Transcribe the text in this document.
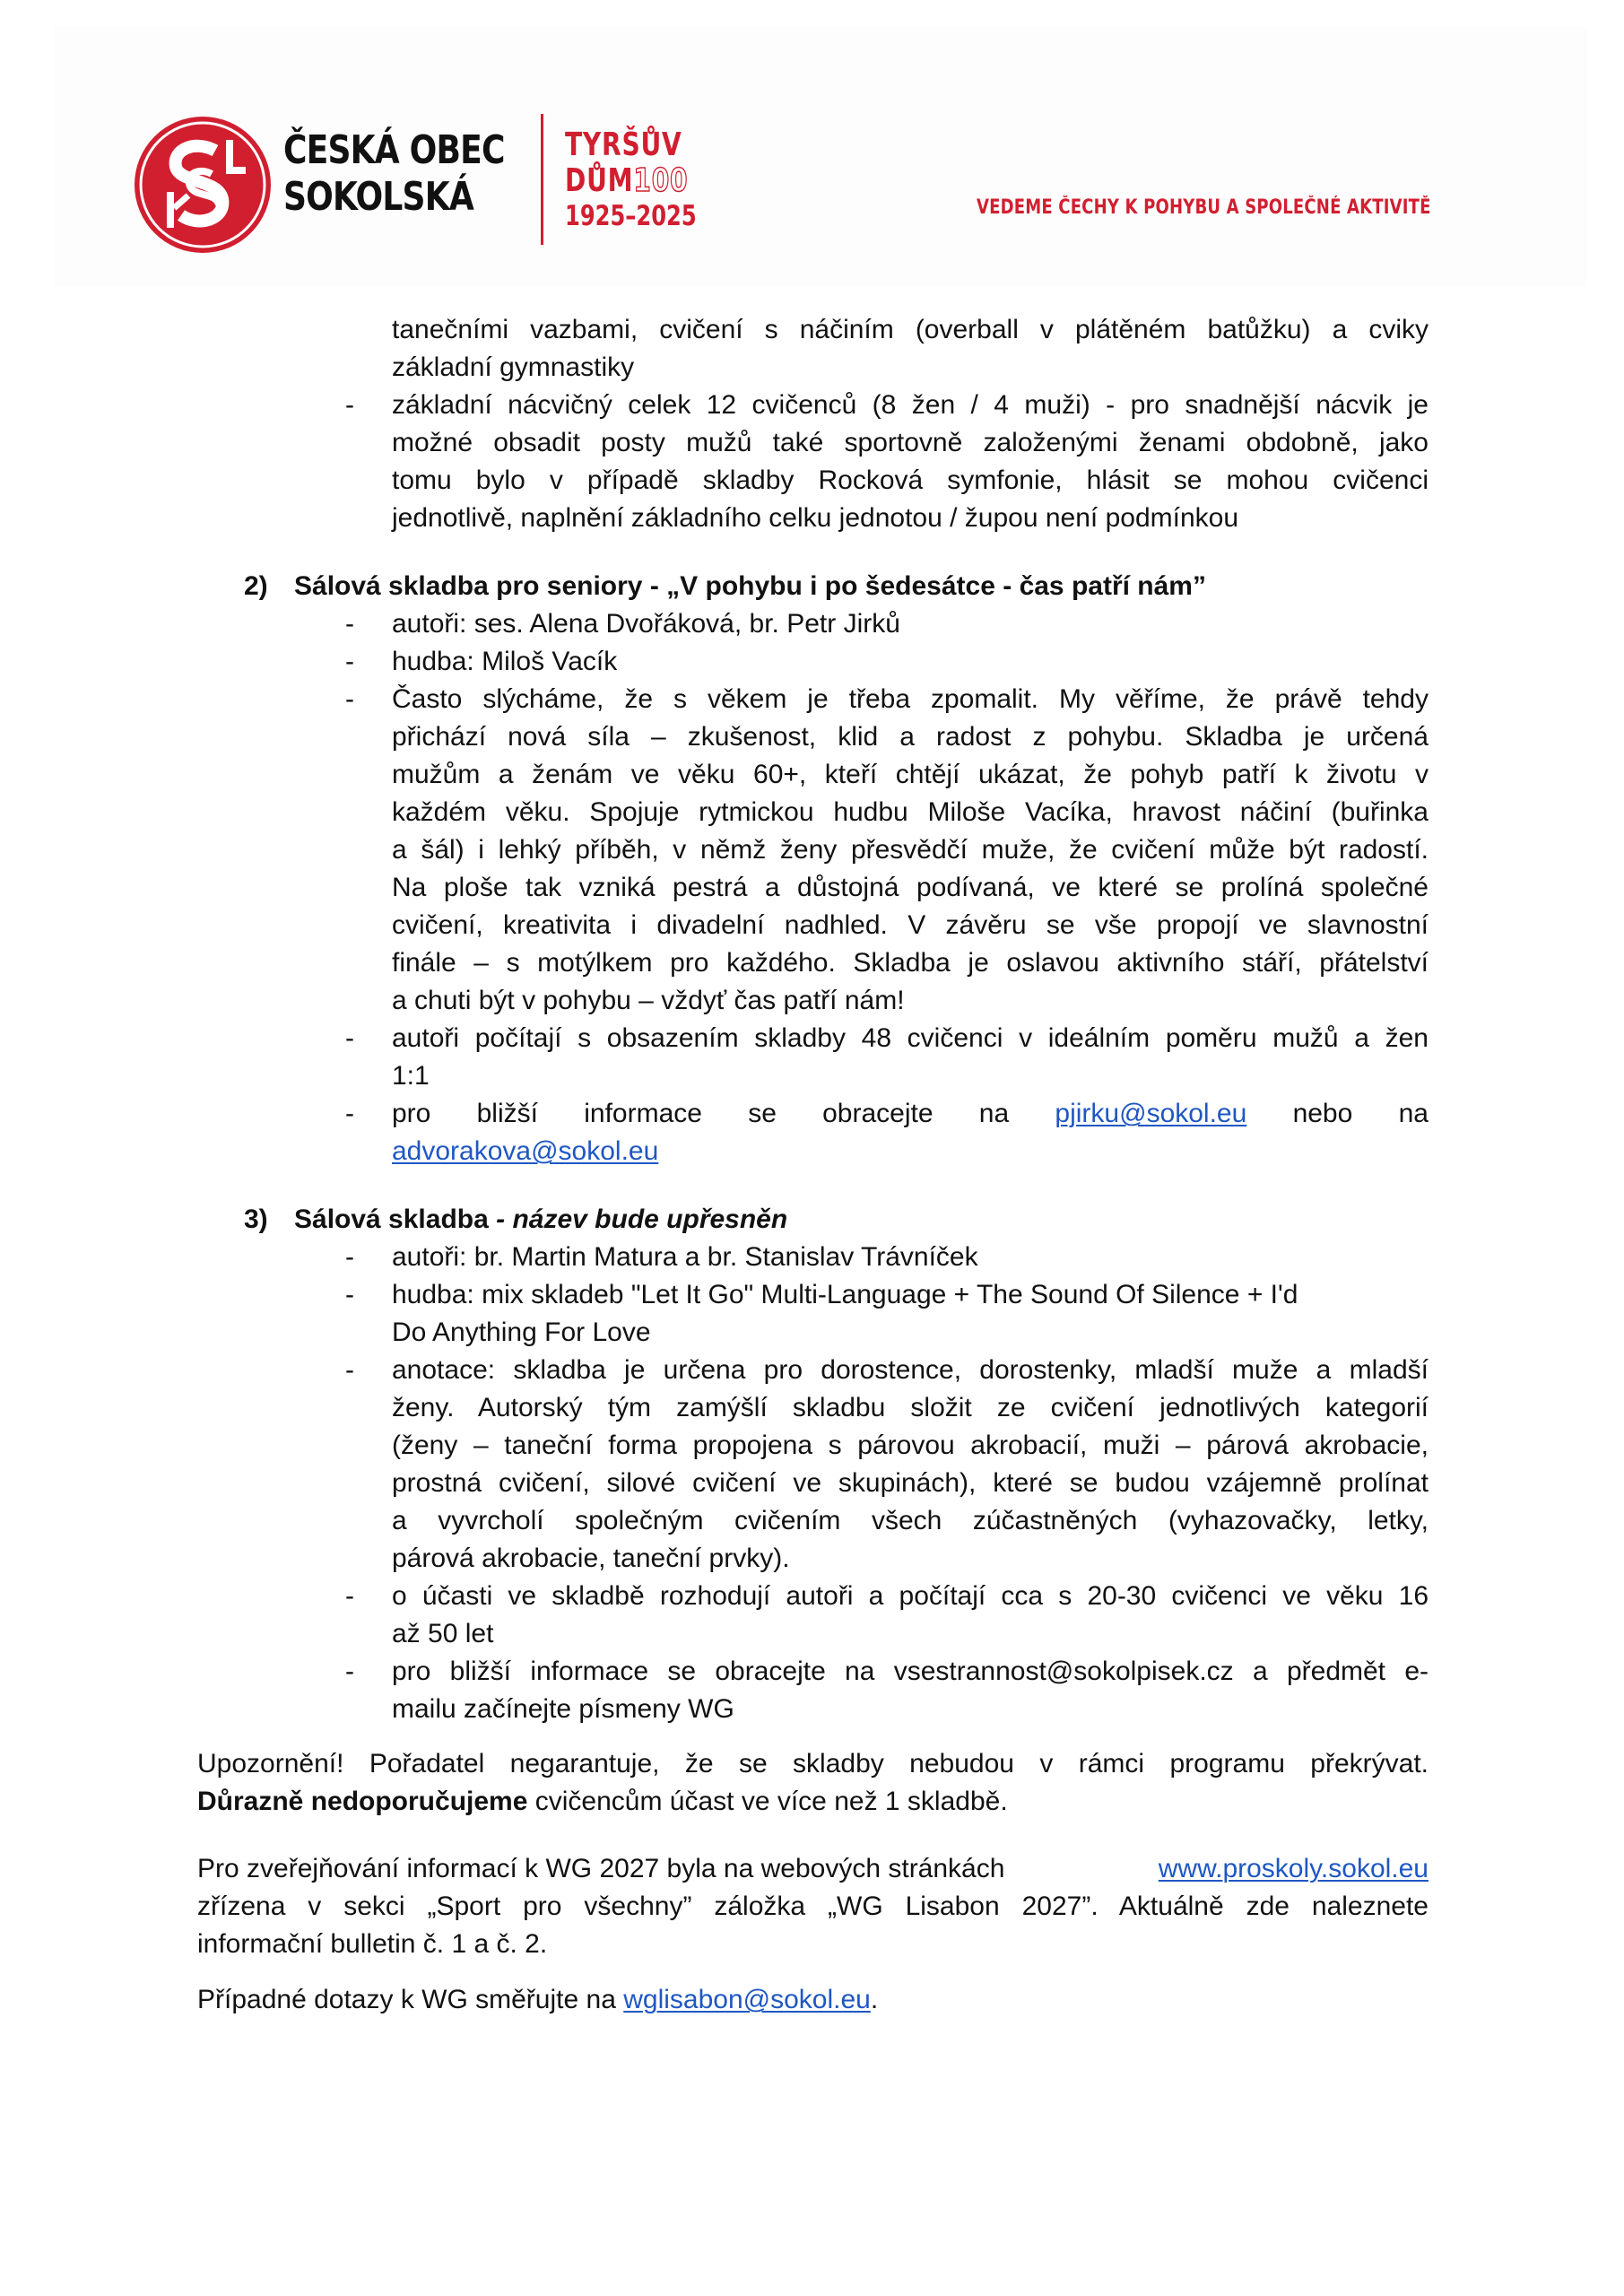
ČESKÁ OBEC
SOKOLSKÁ
TYRŠŮV
DŮM100
1925–2025	VEDEME ČECHY K POHYBU A SPOLEČNÉ AKTIVITĚ
tanečními vazbami, cvičení s náčiním (overball v plátěném batůžku) a cviky
základní gymnastiky
- základní nácvičný celek 12 cvičenců (8 žen / 4 muži) - pro snadnější nácvik je
možné obsadit posty mužů také sportovně založenými ženami obdobně, jako
tomu bylo v případě skladby Rocková symfonie, hlásit se mohou cvičenci
jednotlivě, naplnění základního celku jednotou / župou není podmínkou
2) Sálová skladba pro seniory - „V pohybu i po šedesátce - čas patří nám”
- autoři: ses. Alena Dvořáková, br. Petr Jirků
- hudba: Miloš Vacík
- Často slýcháme, že s věkem je třeba zpomalit. My věříme, že právě tehdy
přichází nová síla – zkušenost, klid a radost z pohybu. Skladba je určená
mužům a ženám ve věku 60+, kteří chtějí ukázat, že pohyb patří k životu v
každém věku. Spojuje rytmickou hudbu Miloše Vacíka, hravost náčiní (buřinka
a šál) i lehký příběh, v němž ženy přesvědčí muže, že cvičení může být radostí.
Na ploše tak vzniká pestrá a důstojná podívaná, ve které se prolíná společné
cvičení, kreativita i divadelní nadhled. V závěru se vše propojí ve slavnostní
finále – s motýlkem pro každého. Skladba je oslavou aktivního stáří, přátelství
a chuti být v pohybu – vždyť čas patří nám!
- autoři počítají s obsazením skladby 48 cvičenci v ideálním poměru mužů a žen
1:1
- pro bližší informace se obracejte na pjirku@sokol.eu nebo na
advorakova@sokol.eu
3) Sálová skladba - název bude upřesněn
- autoři: br. Martin Matura a br. Stanislav Trávníček
- hudba: mix skladeb "Let It Go" Multi-Language + The Sound Of Silence + I'd
Do Anything For Love
- anotace: skladba je určena pro dorostence, dorostenky, mladší muže a mladší
ženy. Autorský tým zamýšlí skladbu složit ze cvičení jednotlivých kategorií
(ženy – taneční forma propojena s párovou akrobacií, muži – párová akrobacie,
prostná cvičení, silové cvičení ve skupinách), které se budou vzájemně prolínat
a vyvrcholí společným cvičením všech zúčastněných (vyhazovačky, letky,
párová akrobacie, taneční prvky).
- o účasti ve skladbě rozhodují autoři a počítají cca s 20-30 cvičenci ve věku 16
až 50 let
- pro bližší informace se obracejte na vsestrannost@sokolpisek.cz a předmět e-
mailu začínejte písmeny WG
Upozornění! Pořadatel negarantuje, že se skladby nebudou v rámci programu překrývat.
Důrazně nedoporučujeme cvičencům účast ve více než 1 skladbě.
Pro zveřejňování informací k WG 2027 byla na webových stránkách	www.proskoly.sokol.eu
zřízena v sekci „Sport pro všechny” záložka „WG Lisabon 2027”. Aktuálně zde naleznete
informační bulletin č. 1 a č. 2.
Případné dotazy k WG směřujte na wglisabon@sokol.eu.
